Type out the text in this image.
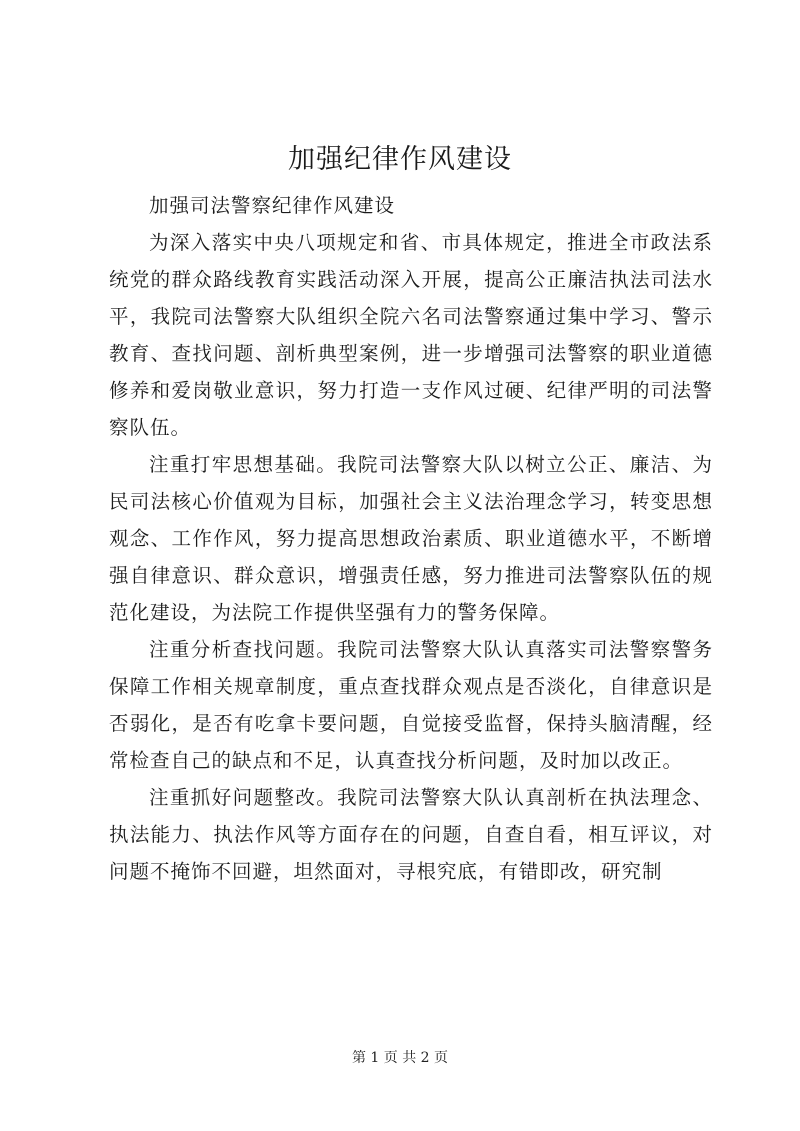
加强纪律作风建设

加强司法警察纪律作风建设

为深入落实中央八项规定和省、市具体规定，推进全市政法系统党的群众路线教育实践活动深入开展，提高公正廉洁执法司法水平，我院司法警察大队组织全院六名司法警察通过集中学习、警示教育、查找问题、剖析典型案例，进一步增强司法警察的职业道德修养和爱岗敬业意识，努力打造一支作风过硬、纪律严明的司法警察队伍。

注重打牢思想基础。我院司法警察大队以树立公正、廉洁、为民司法核心价值观为目标，加强社会主义法治理念学习，转变思想观念、工作作风，努力提高思想政治素质、职业道德水平，不断增强自律意识、群众意识，增强责任感，努力推进司法警察队伍的规范化建设，为法院工作提供坚强有力的警务保障。

注重分析查找问题。我院司法警察大队认真落实司法警察警务保障工作相关规章制度，重点查找群众观点是否淡化，自律意识是否弱化，是否有吃拿卡要问题，自觉接受监督，保持头脑清醒，经常检查自己的缺点和不足，认真查找分析问题，及时加以改正。

注重抓好问题整改。我院司法警察大队认真剖析在执法理念、执法能力、执法作风等方面存在的问题，自查自看，相互评议，对问题不掩饰不回避，坦然面对，寻根究底，有错即改，研究制

第 1 页 共 2 页
